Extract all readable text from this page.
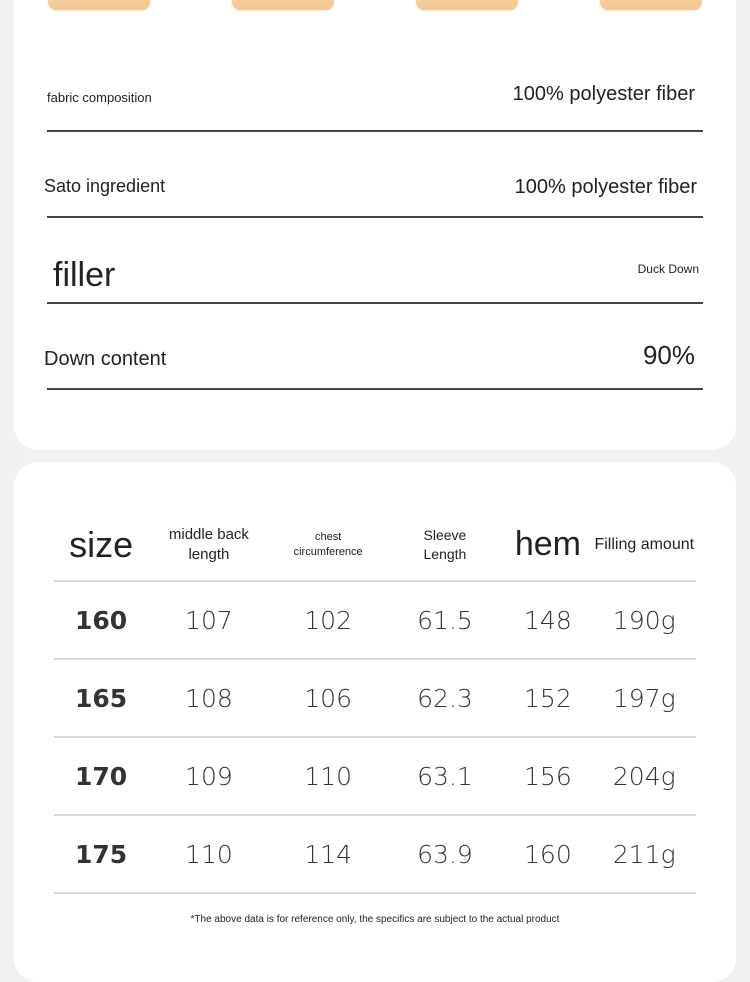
fabric composition	100% polyester fiber
Sato ingredient	100% polyester fiber
filler	Duck Down
Down content	90%
size	middle back length	chest circumference	Sleeve Length	hem	Filling amount
160	107	102	61.5	148	190g
165	108	106	62.3	152	197g
170	109	110	63.1	156	204g
175	110	114	63.9	160	211g
*The above data is for reference only, the specifics are subject to the actual product
